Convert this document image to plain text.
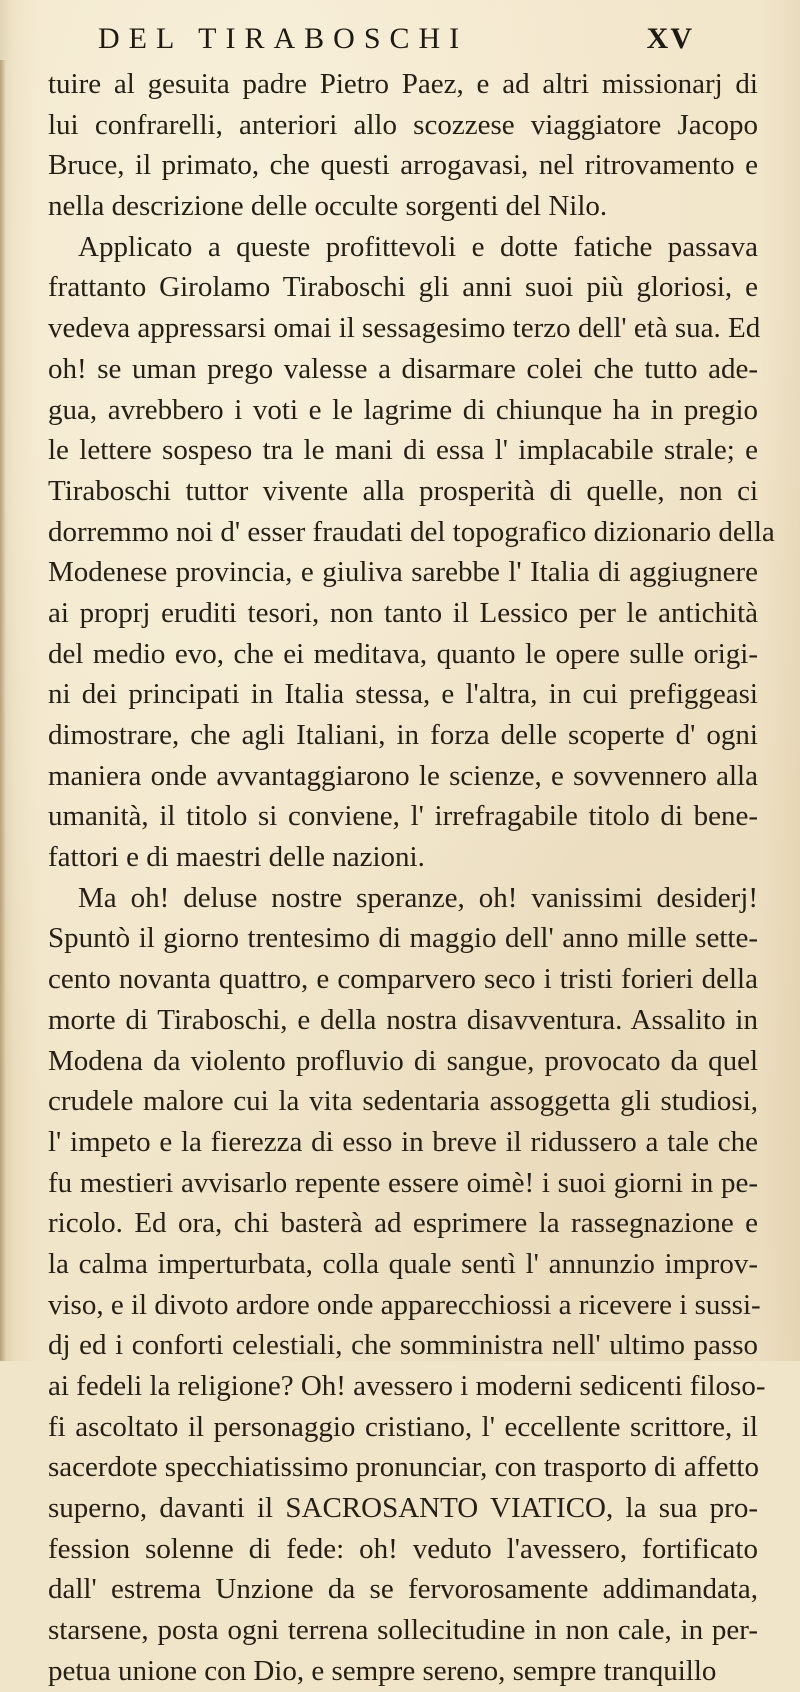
DEL TIRABOSCHI	XV
tuire al gesuita padre Pietro Paez, e ad altri missionarj di
lui confrarelli, anteriori allo scozzese viaggiatore Jacopo
Bruce, il primato, che questi arrogavasi, nel ritrovamento e
nella descrizione delle occulte sorgenti del Nilo.
Applicato a queste profittevoli e dotte fatiche passava
frattanto Girolamo Tiraboschi gli anni suoi più gloriosi, e
vedeva appressarsi omai il sessagesimo terzo dell' età sua. Ed
oh! se uman prego valesse a disarmare colei che tutto ade-
gua, avrebbero i voti e le lagrime di chiunque ha in pregio
le lettere sospeso tra le mani di essa l' implacabile strale; e
Tiraboschi tuttor vivente alla prosperità di quelle, non ci
dorremmo noi d' esser fraudati del topografico dizionario della
Modenese provincia, e giuliva sarebbe l' Italia di aggiugnere
ai proprj eruditi tesori, non tanto il Lessico per le antichità
del medio evo, che ei meditava, quanto le opere sulle origi-
ni dei principati in Italia stessa, e l'altra, in cui prefiggeasi
dimostrare, che agli Italiani, in forza delle scoperte d' ogni
maniera onde avvantaggiarono le scienze, e sovvennero alla
umanità, il titolo si conviene, l' irrefragabile titolo di bene-
fattori e di maestri delle nazioni.
Ma oh! deluse nostre speranze, oh! vanissimi desiderj!
Spuntò il giorno trentesimo di maggio dell' anno mille sette-
cento novanta quattro, e comparvero seco i tristi forieri della
morte di Tiraboschi, e della nostra disavventura. Assalito in
Modena da violento profluvio di sangue, provocato da quel
crudele malore cui la vita sedentaria assoggetta gli studiosi,
l' impeto e la fierezza di esso in breve il ridussero a tale che
fu mestieri avvisarlo repente essere oimè! i suoi giorni in pe-
ricolo. Ed ora, chi basterà ad esprimere la rassegnazione e
la calma imperturbata, colla quale sentì l' annunzio improv-
viso, e il divoto ardore onde apparecchiossi a ricevere i sussi-
dj ed i conforti celestiali, che somministra nell' ultimo passo
ai fedeli la religione? Oh! avessero i moderni sedicenti filoso-
fi ascoltato il personaggio cristiano, l' eccellente scrittore, il
sacerdote specchiatissimo pronunciar, con trasporto di affetto
superno, davanti il SACROSANTO VIATICO, la sua pro-
fession solenne di fede: oh! veduto l'avessero, fortificato
dall' estrema Unzione da se fervorosamente addimandata,
starsene, posta ogni terrena sollecitudine in non cale, in per-
petua unione con Dio, e sempre sereno, sempre tranquillo
